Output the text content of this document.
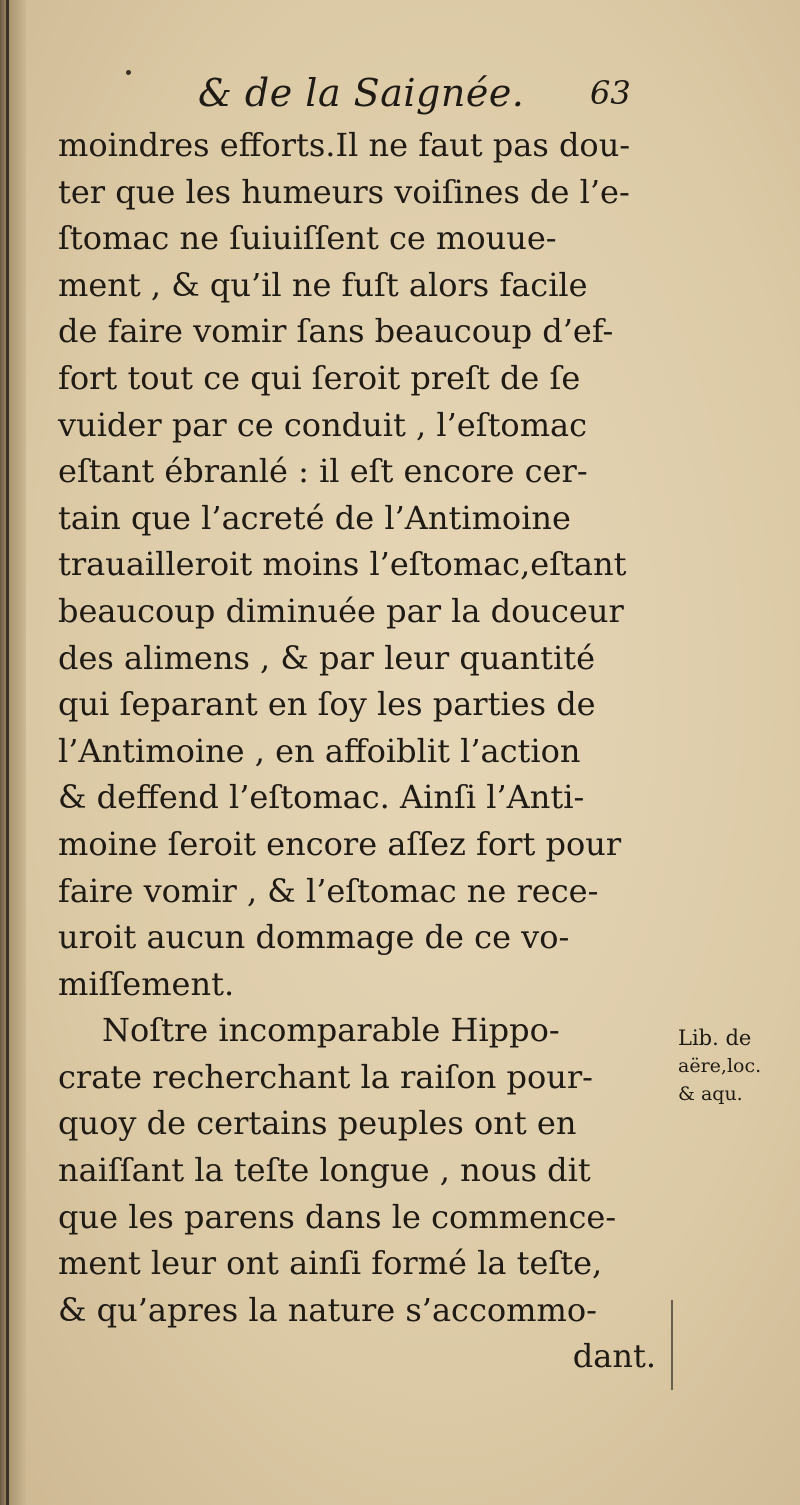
& de la Saignée. 63
moindres efforts.Il ne faut pas dou-
ter que les humeurs voiſines de l’e-
ſtomac ne ſuiuiſſent ce mouue-
ment , & qu’il ne fuſt alors facile
de faire vomir ſans beaucoup d’ef-
fort tout ce qui ſeroit preſt de ſe
vuider par ce conduit , l’eſtomac
eſtant ébranlé : il eſt encore cer-
tain que l’acreté de l’Antimoine
trauailleroit moins l’eſtomac,eſtant
beaucoup diminuée par la douceur
des alimens , & par leur quantité
qui ſeparant en ſoy les parties de
l’Antimoine , en affoiblit l’action
& deffend l’eſtomac. Ainſi l’Anti-
moine ſeroit encore aſſez fort pour
faire vomir , & l’eſtomac ne rece-
uroit aucun dommage de ce vo-
miſſement.
Noſtre incomparable Hippo-
crate recherchant la raiſon pour-
quoy de certains peuples ont en
naiſſant la teſte longue , nous dit
que les parens dans le commence-
ment leur ont ainſi formé la teſte,
& qu’apres la nature s’accommo-
dant.
Lib. de
aëre,loc.
& aqu.
